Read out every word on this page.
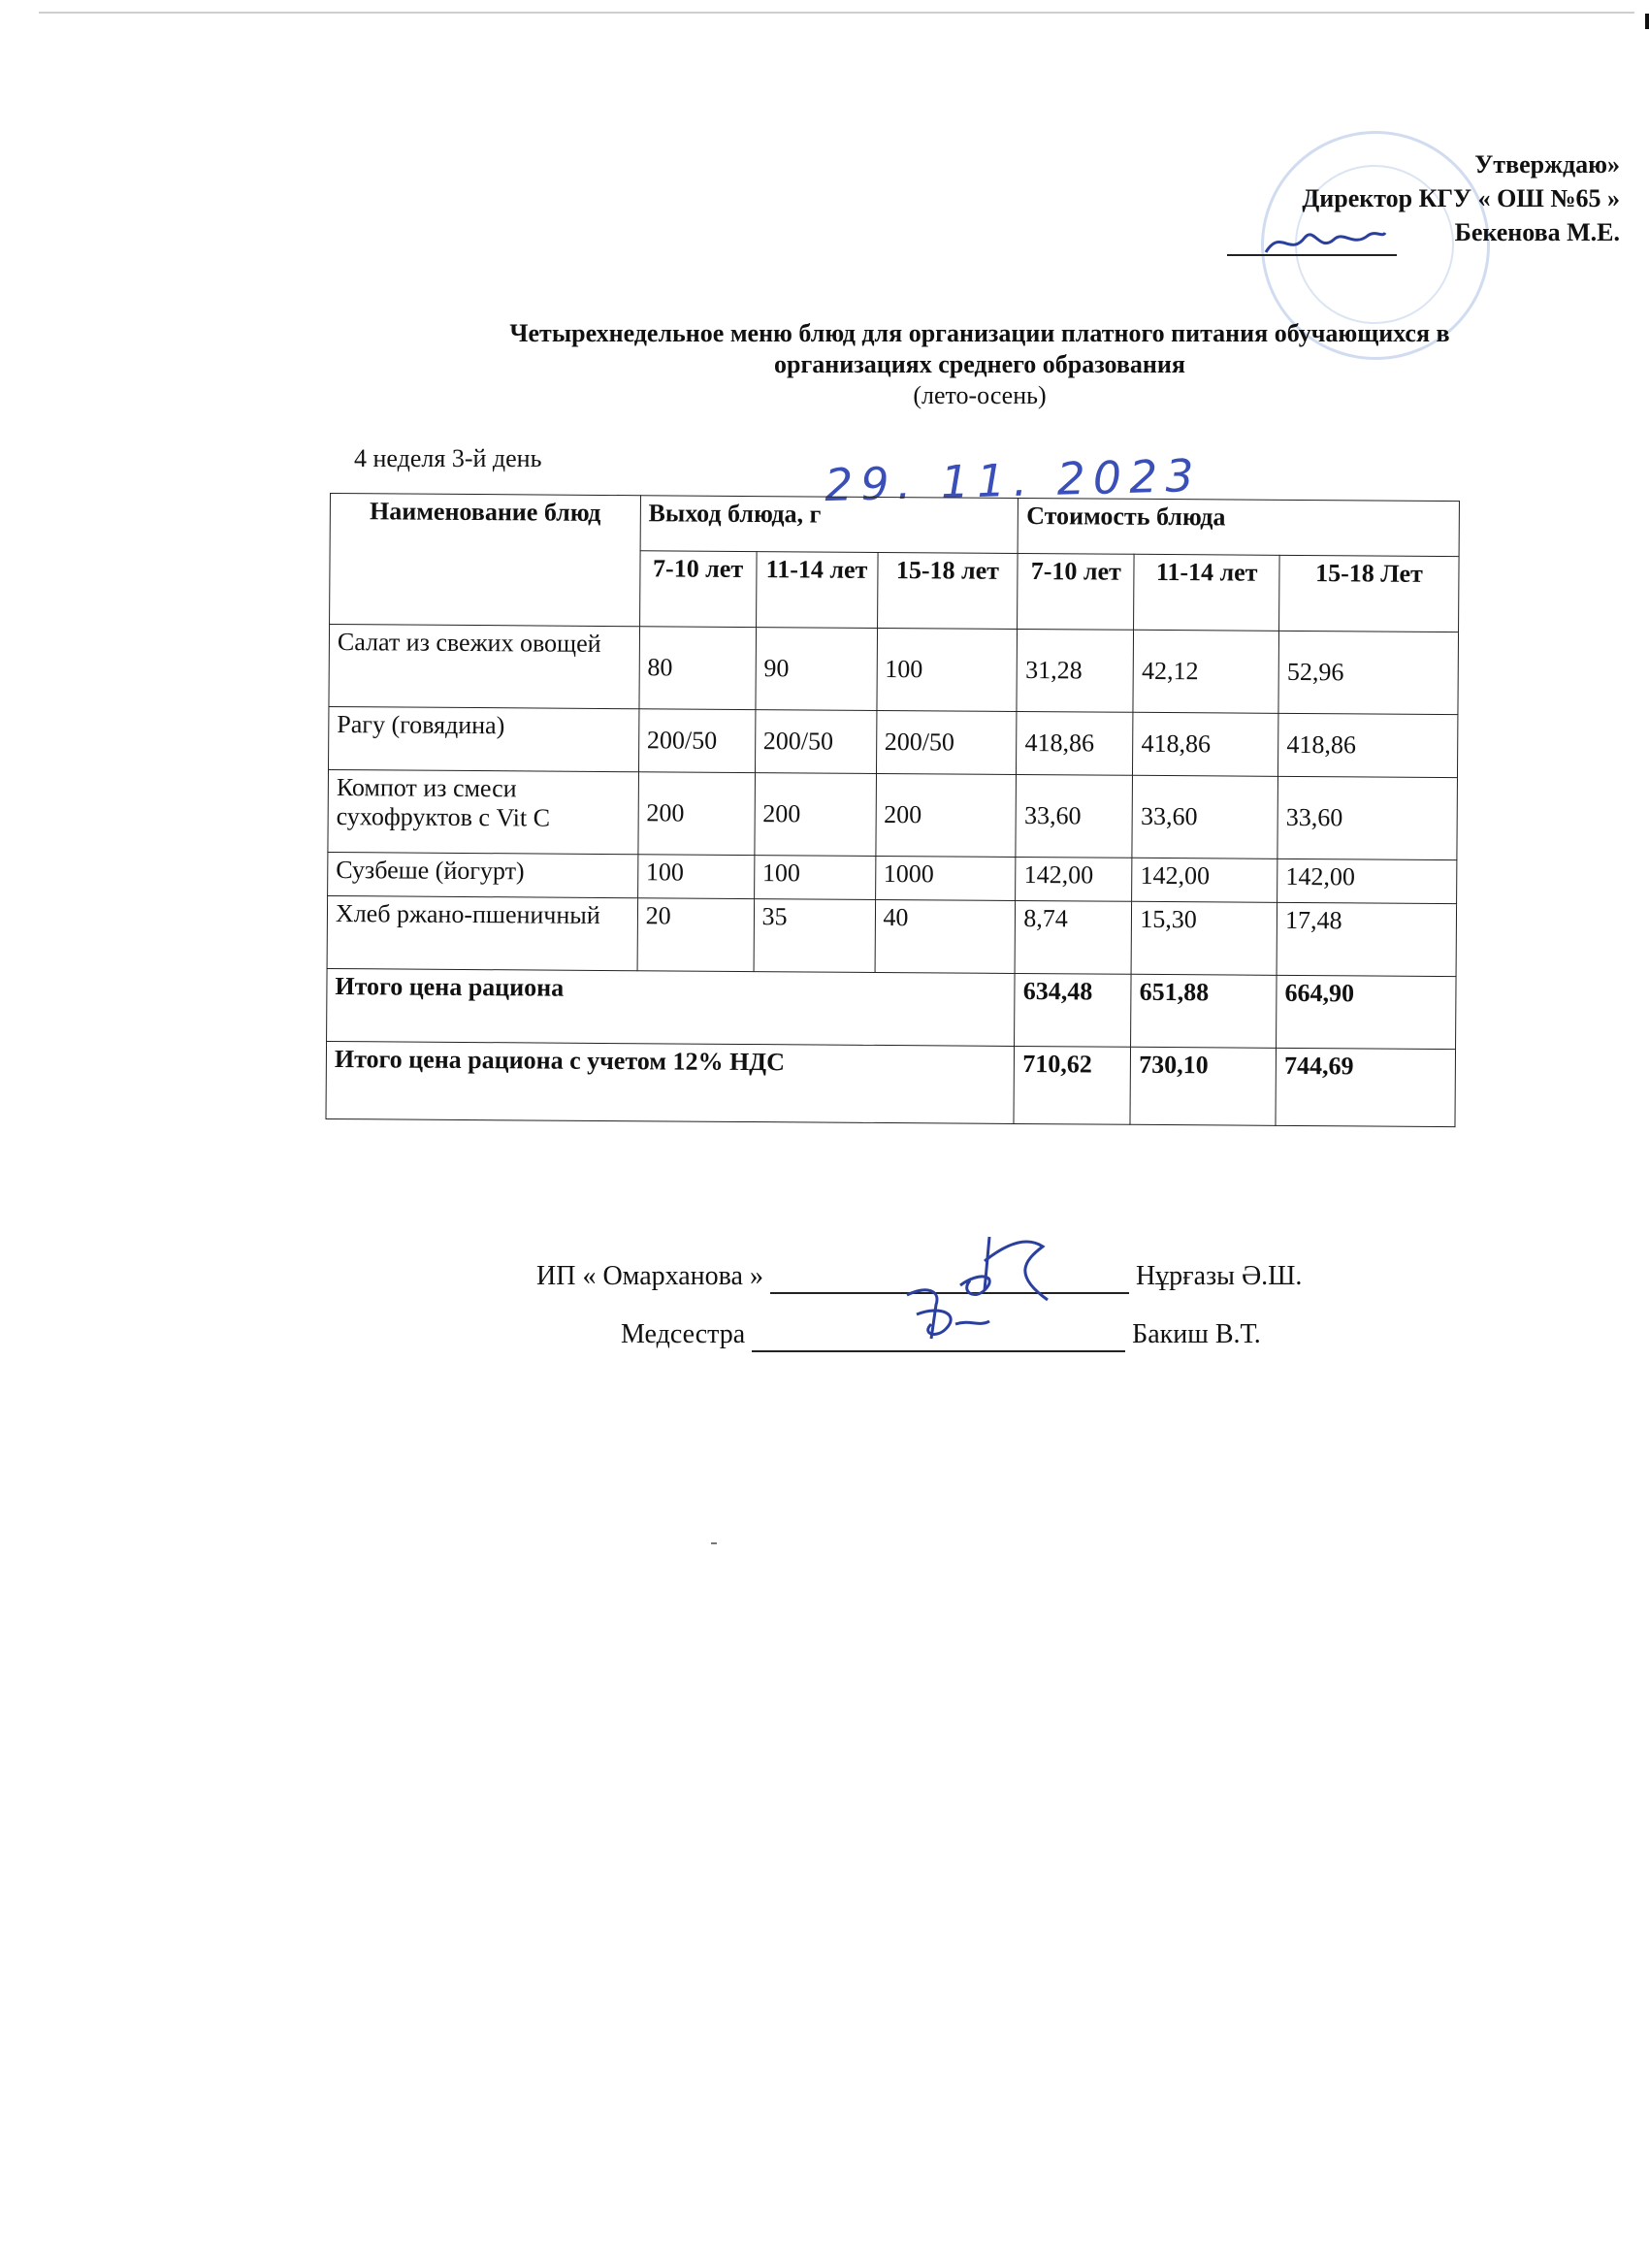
Утверждаю»
Директор КГУ « ОШ №65 »
Бекенова М.Е.
Четырехнедельное меню блюд для организации платного питания обучающихся в
организациях среднего образования
(лето-осень)
4 неделя 3-й день	29. 11. 2023
Наименование блюд	Выход блюда, г			Стоимость блюда		
	7-10 лет	11-14 лет	15-18 лет	7-10 лет	11-14 лет	15-18 Лет
Салат из свежих овощей	80	90	100	31,28	42,12	52,96
Рагу (говядина)	200/50	200/50	200/50	418,86	418,86	418,86
Компот из смеси сухофруктов с Vit C	200	200	200	33,60	33,60	33,60
Сузбеше (йогурт)	100	100	1000	142,00	142,00	142,00
Хлеб ржано-пшеничный	20	35	40	8,74	15,30	17,48
Итого цена рациона				634,48	651,88	664,90
Итого цена рациона с учетом 12% НДС				710,62	730,10	744,69
ИП « Омарханова »	Нұрғазы Ә.Ш.
Медсестра	Бакиш В.Т.
